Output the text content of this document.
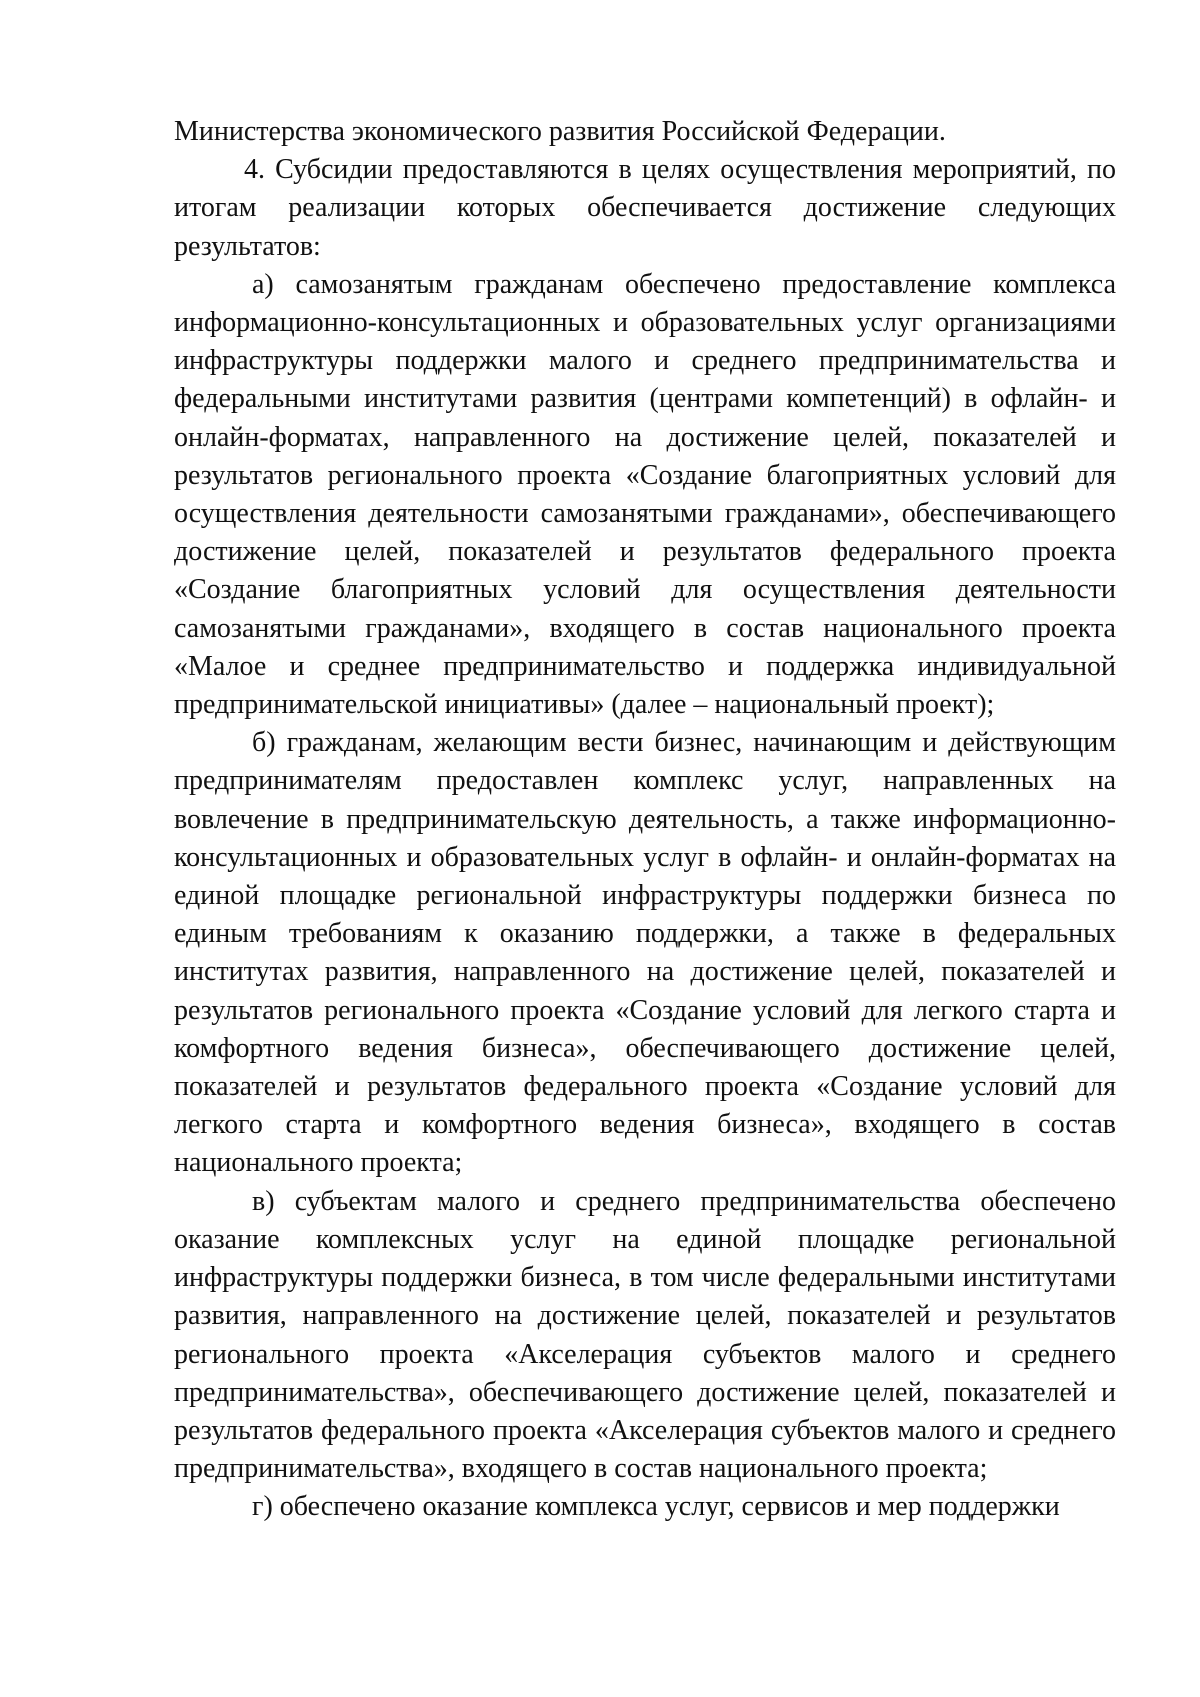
Министерства экономического развития Российской Федерации.

4. Субсидии предоставляются в целях осуществления мероприятий, по итогам реализации которых обеспечивается достижение следующих результатов:

а) самозанятым гражданам обеспечено предоставление комплекса информационно-консультационных и образовательных услуг организациями инфраструктуры поддержки малого и среднего предпринимательства и федеральными институтами развития (центрами компетенций) в офлайн- и онлайн-форматах, направленного на достижение целей, показателей и результатов регионального проекта «Создание благоприятных условий для осуществления деятельности самозанятыми гражданами», обеспечивающего достижение целей, показателей и результатов федерального проекта «Создание благоприятных условий для осуществления деятельности самозанятыми гражданами», входящего в состав национального проекта «Малое и среднее предпринимательство и поддержка индивидуальной предпринимательской инициативы» (далее – национальный проект);

б) гражданам, желающим вести бизнес, начинающим и действующим предпринимателям предоставлен комплекс услуг, направленных на вовлечение в предпринимательскую деятельность, а также информационно-консультационных и образовательных услуг в офлайн- и онлайн-форматах на единой площадке региональной инфраструктуры поддержки бизнеса по единым требованиям к оказанию поддержки, а также в федеральных институтах развития, направленного на достижение целей, показателей и результатов регионального проекта «Создание условий для легкого старта и комфортного ведения бизнеса», обеспечивающего достижение целей, показателей и результатов федерального проекта «Создание условий для легкого старта и комфортного ведения бизнеса», входящего в состав национального проекта;

в) субъектам малого и среднего предпринимательства обеспечено оказание комплексных услуг на единой площадке региональной инфраструктуры поддержки бизнеса, в том числе федеральными институтами развития, направленного на достижение целей, показателей и результатов регионального проекта «Акселерация субъектов малого и среднего предпринимательства», обеспечивающего достижение целей, показателей и результатов федерального проекта «Акселерация субъектов малого и среднего предпринимательства», входящего в состав национального проекта;

г) обеспечено оказание комплекса услуг, сервисов и мер поддержки
